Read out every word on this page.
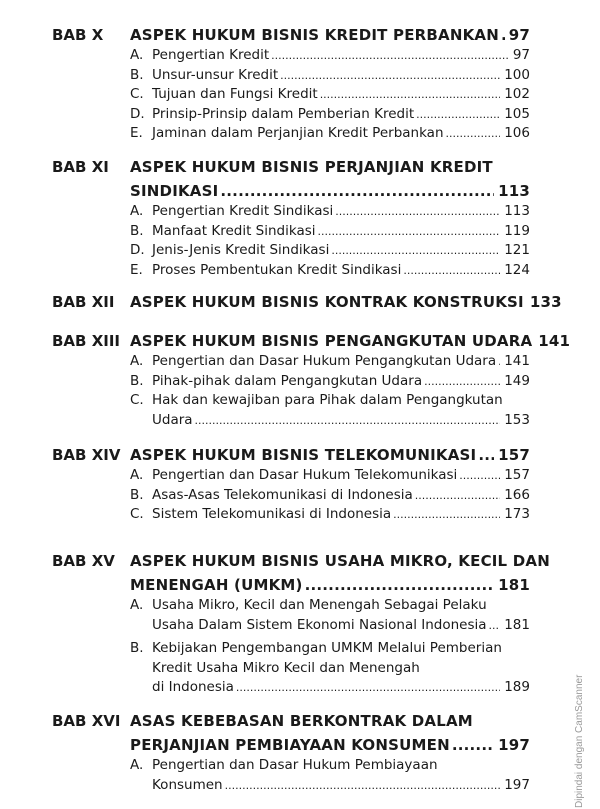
BAB X ASPEK HUKUM BISNIS KREDIT PERBANKAN ..... 97
A. Pengertian Kredit .....	97
B. Unsur-unsur Kredit .....	100
C. Tujuan dan Fungsi Kredit .....	102
D. Prinsip-Prinsip dalam Pemberian Kredit .....	105
E. Jaminan dalam Perjanjian Kredit Perbankan .....	106
BAB XI ASPEK HUKUM BISNIS PERJANJIAN KREDIT
SINDIKASI .....	113
A. Pengertian Kredit Sindikasi .....	113
B. Manfaat Kredit Sindikasi .....	119
D. Jenis-Jenis Kredit Sindikasi .....	121
E. Proses Pembentukan Kredit Sindikasi .....	124
BAB XII ASPEK HUKUM BISNIS KONTRAK KONSTRUKSI 133
BAB XIII ASPEK HUKUM BISNIS PENGANGKUTAN UDARA 141
A. Pengertian dan Dasar Hukum Pengangkutan Udara ..... 141
B. Pihak-pihak dalam Pengangkutan Udara .....	149
C. Hak dan kewajiban para Pihak dalam Pengangkutan
Udara .....	153
BAB XIV ASPEK HUKUM BISNIS TELEKOMUNIKASI ..... 157
A. Pengertian dan Dasar Hukum Telekomunikasi .....	157
B. Asas-Asas Telekomunikasi di Indonesia .....	166
C. Sistem Telekomunikasi di Indonesia .....	173
BAB XV ASPEK HUKUM BISNIS USAHA MIKRO, KECIL DAN
MENENGAH (UMKM) .....	181
A. Usaha Mikro, Kecil dan Menengah Sebagai Pelaku
Usaha Dalam Sistem Ekonomi Nasional Indonesia ..... 181
B. Kebijakan Pengembangan UMKM Melalui Pemberian
Kredit Usaha Mikro Kecil dan Menengah
di Indonesia .....	189
BAB XVI ASAS KEBEBASAN BERKONTRAK DALAM
PERJANJIAN PEMBIAYAAN KONSUMEN .....	197
A. Pengertian dan Dasar Hukum Pembiayaan
Konsumen .....	197	Dipindai dengan CamScanner
